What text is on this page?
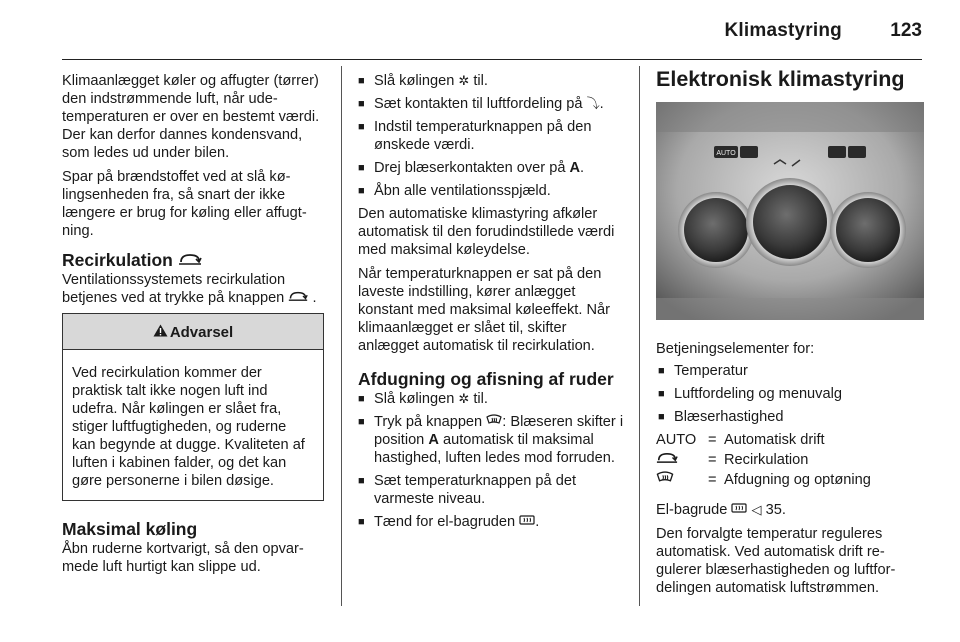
Klimastyring	123

Klimaanlægget køler og affugter (tørrer) den indstrømmende luft, når udetemperaturen er over en bestemt værdi. Der kan derfor dannes kondensvand, som ledes ud under bilen.

Spar på brændstoffet ved at slå kølingsenheden fra, så snart der ikke længere er brug for køling eller affugtning.

Recirkulation

Ventilationssystemets recirkulation betjenes ved at trykke på knappen .

Advarsel
Ved recirkulation kommer der praktisk talt ikke nogen luft ind udefra. Når kølingen er slået fra, stiger luftfugtigheden, og ruderne kan begynde at dugge. Kvaliteten af luften i kabinen falder, og det kan gøre personerne i bilen døsige.
Maksimal køling

Åbn ruderne kortvarigt, så den opvarmede luft hurtigt kan slippe ud.

■ Slå kølingen ✲ til.
■ Sæt kontakten til luftfordeling på ⤵.
■ Indstil temperaturknappen på den ønskede værdi.
■ Drej blæserkontakten over på A.
■ Åbn alle ventilationsspjæld.

Den automatiske klimastyring afkøler automatisk til den forudindstillede værdi med maksimal køleydelse.

Når temperaturknappen er sat på den laveste indstilling, kører anlægget konstant med maksimal køleeffekt. Når klimaanlægget er slået til, skifter anlægget automatisk til recirkulation.

Afdugning og afisning af ruder
■ Slå kølingen ✲ til.
■ Tryk på knappen : Blæseren skifter i position A automatisk til maksimal hastighed, luften ledes mod forruden.
■ Sæt temperaturknappen på det varmeste niveau.
■ Tænd for el-bagruden .
Elektronisk klimastyring
AUTO

Betjeningselementer for:

■ Temperatur
■ Luftfordeling og menuvalg
■ Blæserhastighed
AUTO = Automatisk drift
= Recirkulation
= Afdugning og optøning

El-bagrude ◁ 35.

Den forvalgte temperatur reguleres automatisk. Ved automatisk drift regulerer blæserhastigheden og luftfordelingen automatisk luftstrømmen.
